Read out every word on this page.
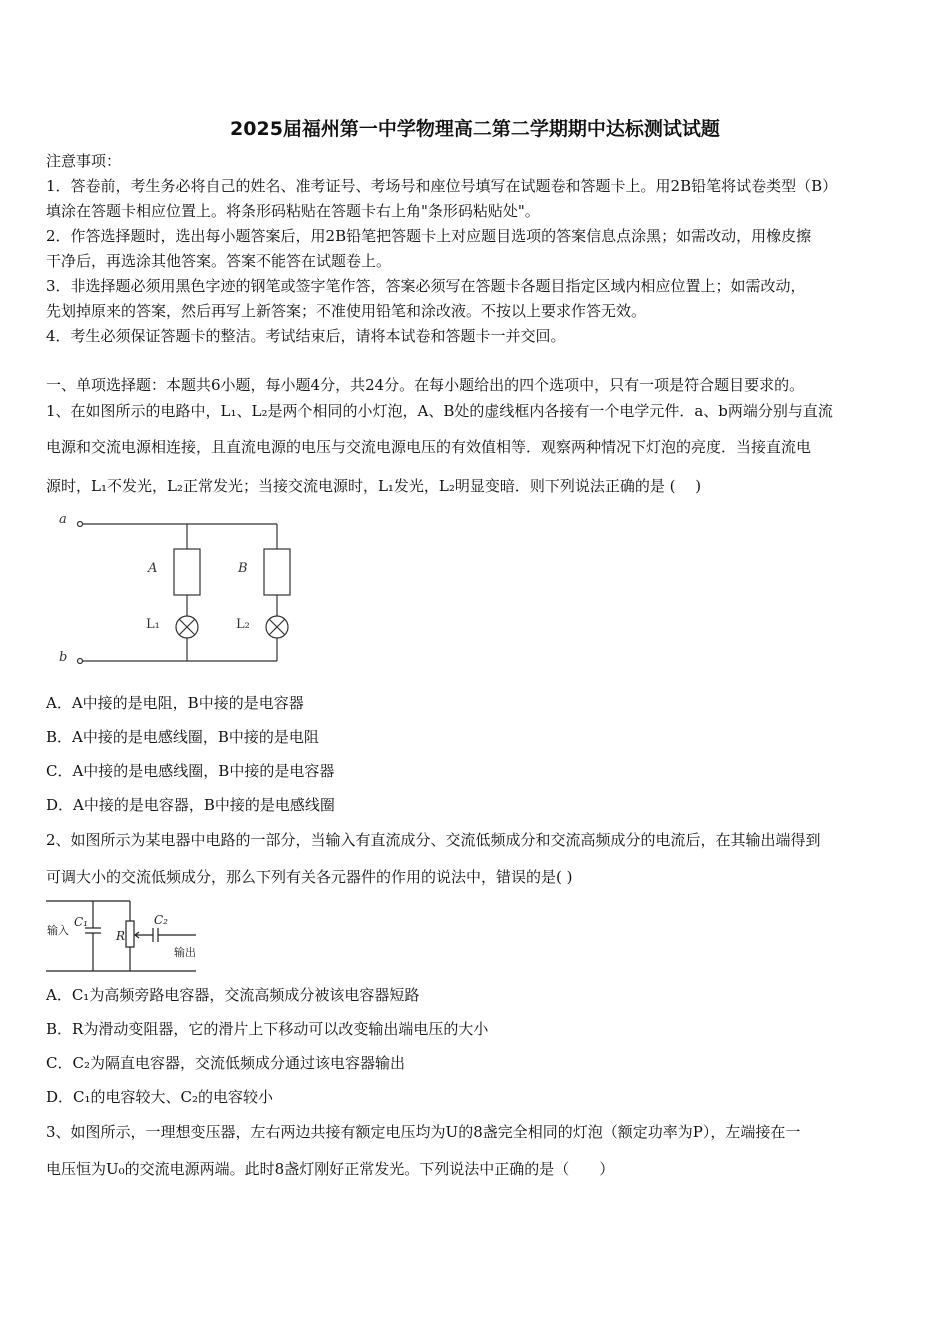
2025届福州第一中学物理高二第二学期期中达标测试试题
注意事项：
1．答卷前，考生务必将自己的姓名、准考证号、考场号和座位号填写在试题卷和答题卡上。用2B铅笔将试卷类型（B）
填涂在答题卡相应位置上。将条形码粘贴在答题卡右上角"条形码粘贴处"。
2．作答选择题时，选出每小题答案后，用2B铅笔把答题卡上对应题目选项的答案信息点涂黑；如需改动，用橡皮擦
干净后，再选涂其他答案。答案不能答在试题卷上。
3．非选择题必须用黑色字迹的钢笔或签字笔作答，答案必须写在答题卡各题目指定区域内相应位置上；如需改动，
先划掉原来的答案，然后再写上新答案；不准使用铅笔和涂改液。不按以上要求作答无效。
4．考生必须保证答题卡的整洁。考试结束后，请将本试卷和答题卡一并交回。
一、单项选择题：本题共6小题，每小题4分，共24分。在每小题给出的四个选项中，只有一项是符合题目要求的。
1、在如图所示的电路中，L₁、L₂是两个相同的小灯泡，A、B处的虚线框内各接有一个电学元件．a、b两端分别与直流
电源和交流电源相连接，且直流电源的电压与交流电源电压的有效值相等．观察两种情况下灯泡的亮度．当接直流电
源时，L₁不发光，L₂正常发光；当接交流电源时，L₁发光，L₂明显变暗．则下列说法正确的是 (　 )
a
b
A	B
L₁	L₂
A．A中接的是电阻，B中接的是电容器
B．A中接的是电感线圈，B中接的是电阻
C．A中接的是电感线圈，B中接的是电容器
D．A中接的是电容器，B中接的是电感线圈
2、如图所示为某电器中电路的一部分，当输入有直流成分、交流低频成分和交流高频成分的电流后，在其输出端得到
可调大小的交流低频成分，那么下列有关各元器件的作用的说法中，错误的是( )
输入
输出
C₁
R
C₂
A．C₁为高频旁路电容器，交流高频成分被该电容器短路
B．R为滑动变阻器，它的滑片上下移动可以改变输出端电压的大小
C．C₂为隔直电容器，交流低频成分通过该电容器输出
D．C₁的电容较大、C₂的电容较小
3、如图所示，一理想变压器，左右两边共接有额定电压均为U的8盏完全相同的灯泡（额定功率为P），左端接在一
电压恒为U₀的交流电源两端。此时8盏灯刚好正常发光。下列说法中正确的是（　　）
